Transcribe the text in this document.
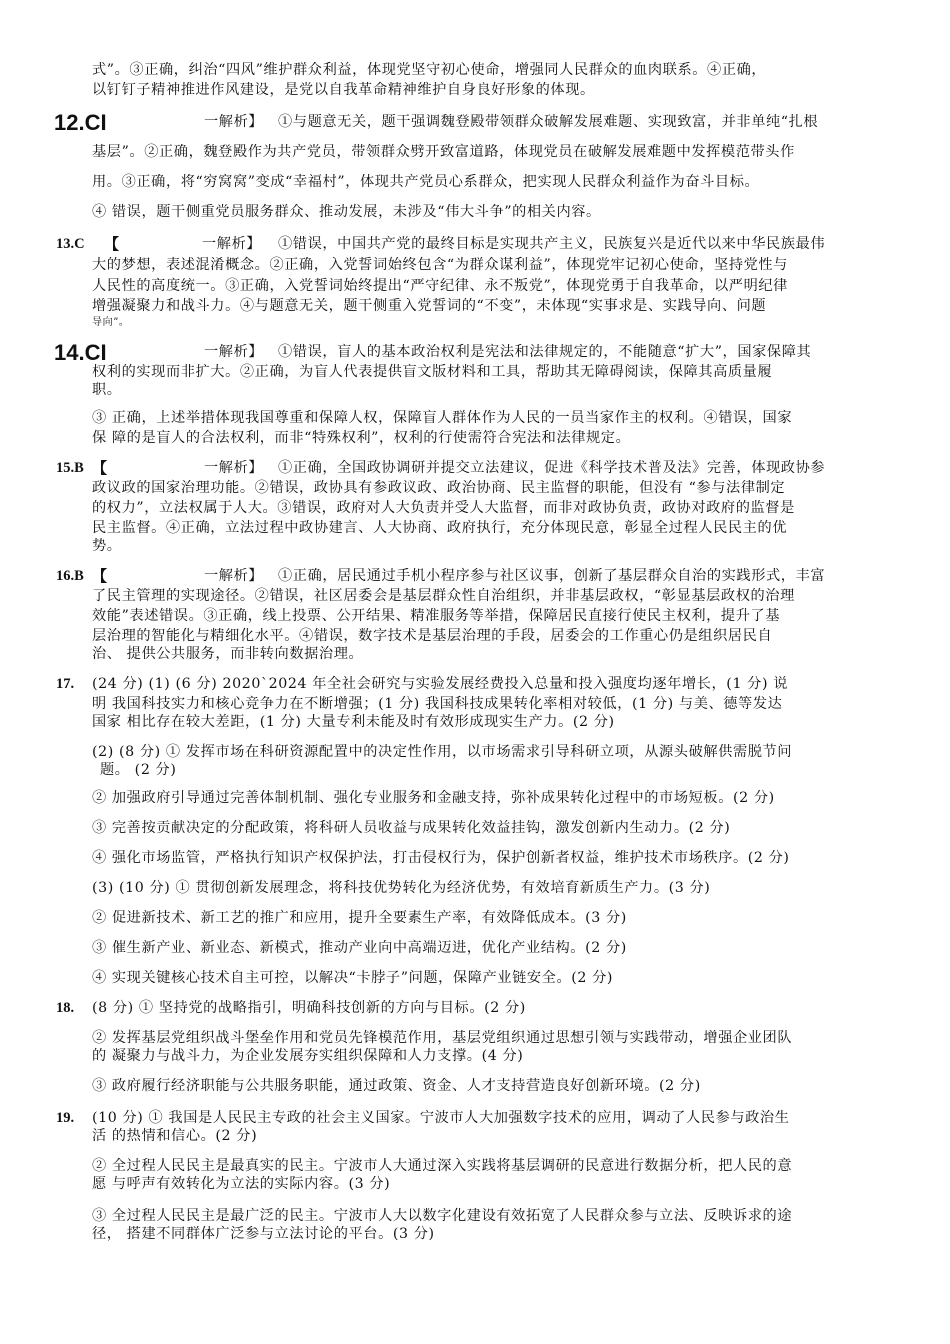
式”。③正确，纠治“四风”维护群众利益，体现党坚守初心使命，增强同人民群众的血肉联系。④正确，

以钉钉子精神推进作风建设，是党以自我革命精神维护自身良好形象的体现。

12.CI	一解析】 ①与题意无关，题干强调魏登殿带领群众破解发展难题、实现致富，并非单纯“扎根

基层”。②正确，魏登殿作为共产党员，带领群众劈开致富道路，体现党员在破解发展难题中发挥模范带头作

用。③正确，将“穷窝窝”变成“幸福村”，体现共产党员心系群众，把实现人民群众利益作为奋斗目标。

④ 错误，题干侧重党员服务群众、推动发展，未涉及“伟大斗争”的相关内容。

13.C 【	一解析】 ①错误，中国共产党的最终目标是实现共产主义，民族复兴是近代以来中华民族最伟

大的梦想，表述混淆概念。②正确，入党誓词始终包含“为群众谋利益”，体现党牢记初心使命，坚持党性与

人民性的高度统一。③正确，入党誓词始终提出“严守纪律、永不叛党”，体现党勇于自我革命，以严明纪律

增强凝聚力和战斗力。④与题意无关，题干侧重入党誓词的“不变”，未体现“实事求是、实践导向、问题

导向”。

14.CI	一解析】 ①错误，盲人的基本政治权利是宪法和法律规定的，不能随意“扩大”，国家保障其

权利的实现而非扩大。②正确，为盲人代表提供盲文版材料和工具，帮助其无障碍阅读，保障其高质量履

职。

③ 正确，上述举措体现我国尊重和保障人权，保障盲人群体作为人民的一员当家作主的权利。④错误，国家

保 障的是盲人的合法权利，而非“特殊权利”，权利的行使需符合宪法和法律规定。

15.B 【	一解析】 ①正确，全国政协调研并提交立法建议，促进《科学技术普及法》完善，体现政协参

政议政的国家治理功能。②错误，政协具有参政议政、政治协商、民主监督的职能，但没有 “参与法律制定

的权力”，立法权属于人大。③错误，政府对人大负责并受人大监督，而非对政协负责，政协对政府的监督是

民主监督。④正确，立法过程中政协建言、人大协商、政府执行，充分体现民意，彰显全过程人民民主的优

势。

16.B 【	一解析】 ①正确，居民通过手机小程序参与社区议事，创新了基层群众自治的实践形式，丰富

了民主管理的实现途径。②错误，社区居委会是基层群众性自治组织，并非基层政权，“彰显基层政权的治理

效能”表述错误。③正确，线上投票、公开结果、精准服务等举措，保障居民直接行使民主权利，提升了基

层治理的智能化与精细化水平。④错误，数字技术是基层治理的手段，居委会的工作重心仍是组织居民自

治、 提供公共服务，而非转向数据治理。

17. (24 分) (1) (6 分) 2020`2024 年全社会研究与实验发展经费投入总量和投入强度均逐年增长，(1 分) 说

明 我国科技实力和核心竞争力在不断增强；(1 分) 我国科技成果转化率相对较低，(1 分) 与美、德等发达

国家 相比存在较大差距，(1 分) 大量专利未能及时有效形成现实生产力。(2 分)

(2) (8 分) ① 发挥市场在科研资源配置中的决定性作用，以市场需求引导科研立项，从源头破解供需脱节问

题。 (2 分)

② 加强政府引导通过完善体制机制、强化专业服务和金融支持，弥补成果转化过程中的市场短板。(2 分)

③ 完善按贡献决定的分配政策，将科研人员收益与成果转化效益挂钩，激发创新内生动力。(2 分)

④ 强化市场监管，严格执行知识产权保护法，打击侵权行为，保护创新者权益，维护技术市场秩序。(2 分)

(3) (10 分) ① 贯彻创新发展理念，将科技优势转化为经济优势，有效培育新质生产力。(3 分)

② 促进新技术、新工艺的推广和应用，提升全要素生产率，有效降低成本。(3 分)

③ 催生新产业、新业态、新模式，推动产业向中高端迈进，优化产业结构。(2 分)

④ 实现关键核心技术自主可控，以解决“卡脖子”问题，保障产业链安全。(2 分)

18. (8 分) ① 坚持党的战略指引，明确科技创新的方向与目标。(2 分)

② 发挥基层党组织战斗堡垒作用和党员先锋模范作用，基层党组织通过思想引领与实践带动，增强企业团队

的 凝聚力与战斗力，为企业发展夯实组织保障和人力支撑。(4 分)

③ 政府履行经济职能与公共服务职能，通过政策、资金、人才支持营造良好创新环境。(2 分)

19. (10 分) ① 我国是人民民主专政的社会主义国家。宁波市人大加强数字技术的应用，调动了人民参与政治生

活 的热情和信心。(2 分)

② 全过程人民民主是最真实的民主。宁波市人大通过深入实践将基层调研的民意进行数据分析，把人民的意

愿 与呼声有效转化为立法的实际内容。(3 分)

③ 全过程人民民主是最广泛的民主。宁波市人大以数字化建设有效拓宽了人民群众参与立法、反映诉求的途

径， 搭建不同群体广泛参与立法讨论的平台。(3 分)
